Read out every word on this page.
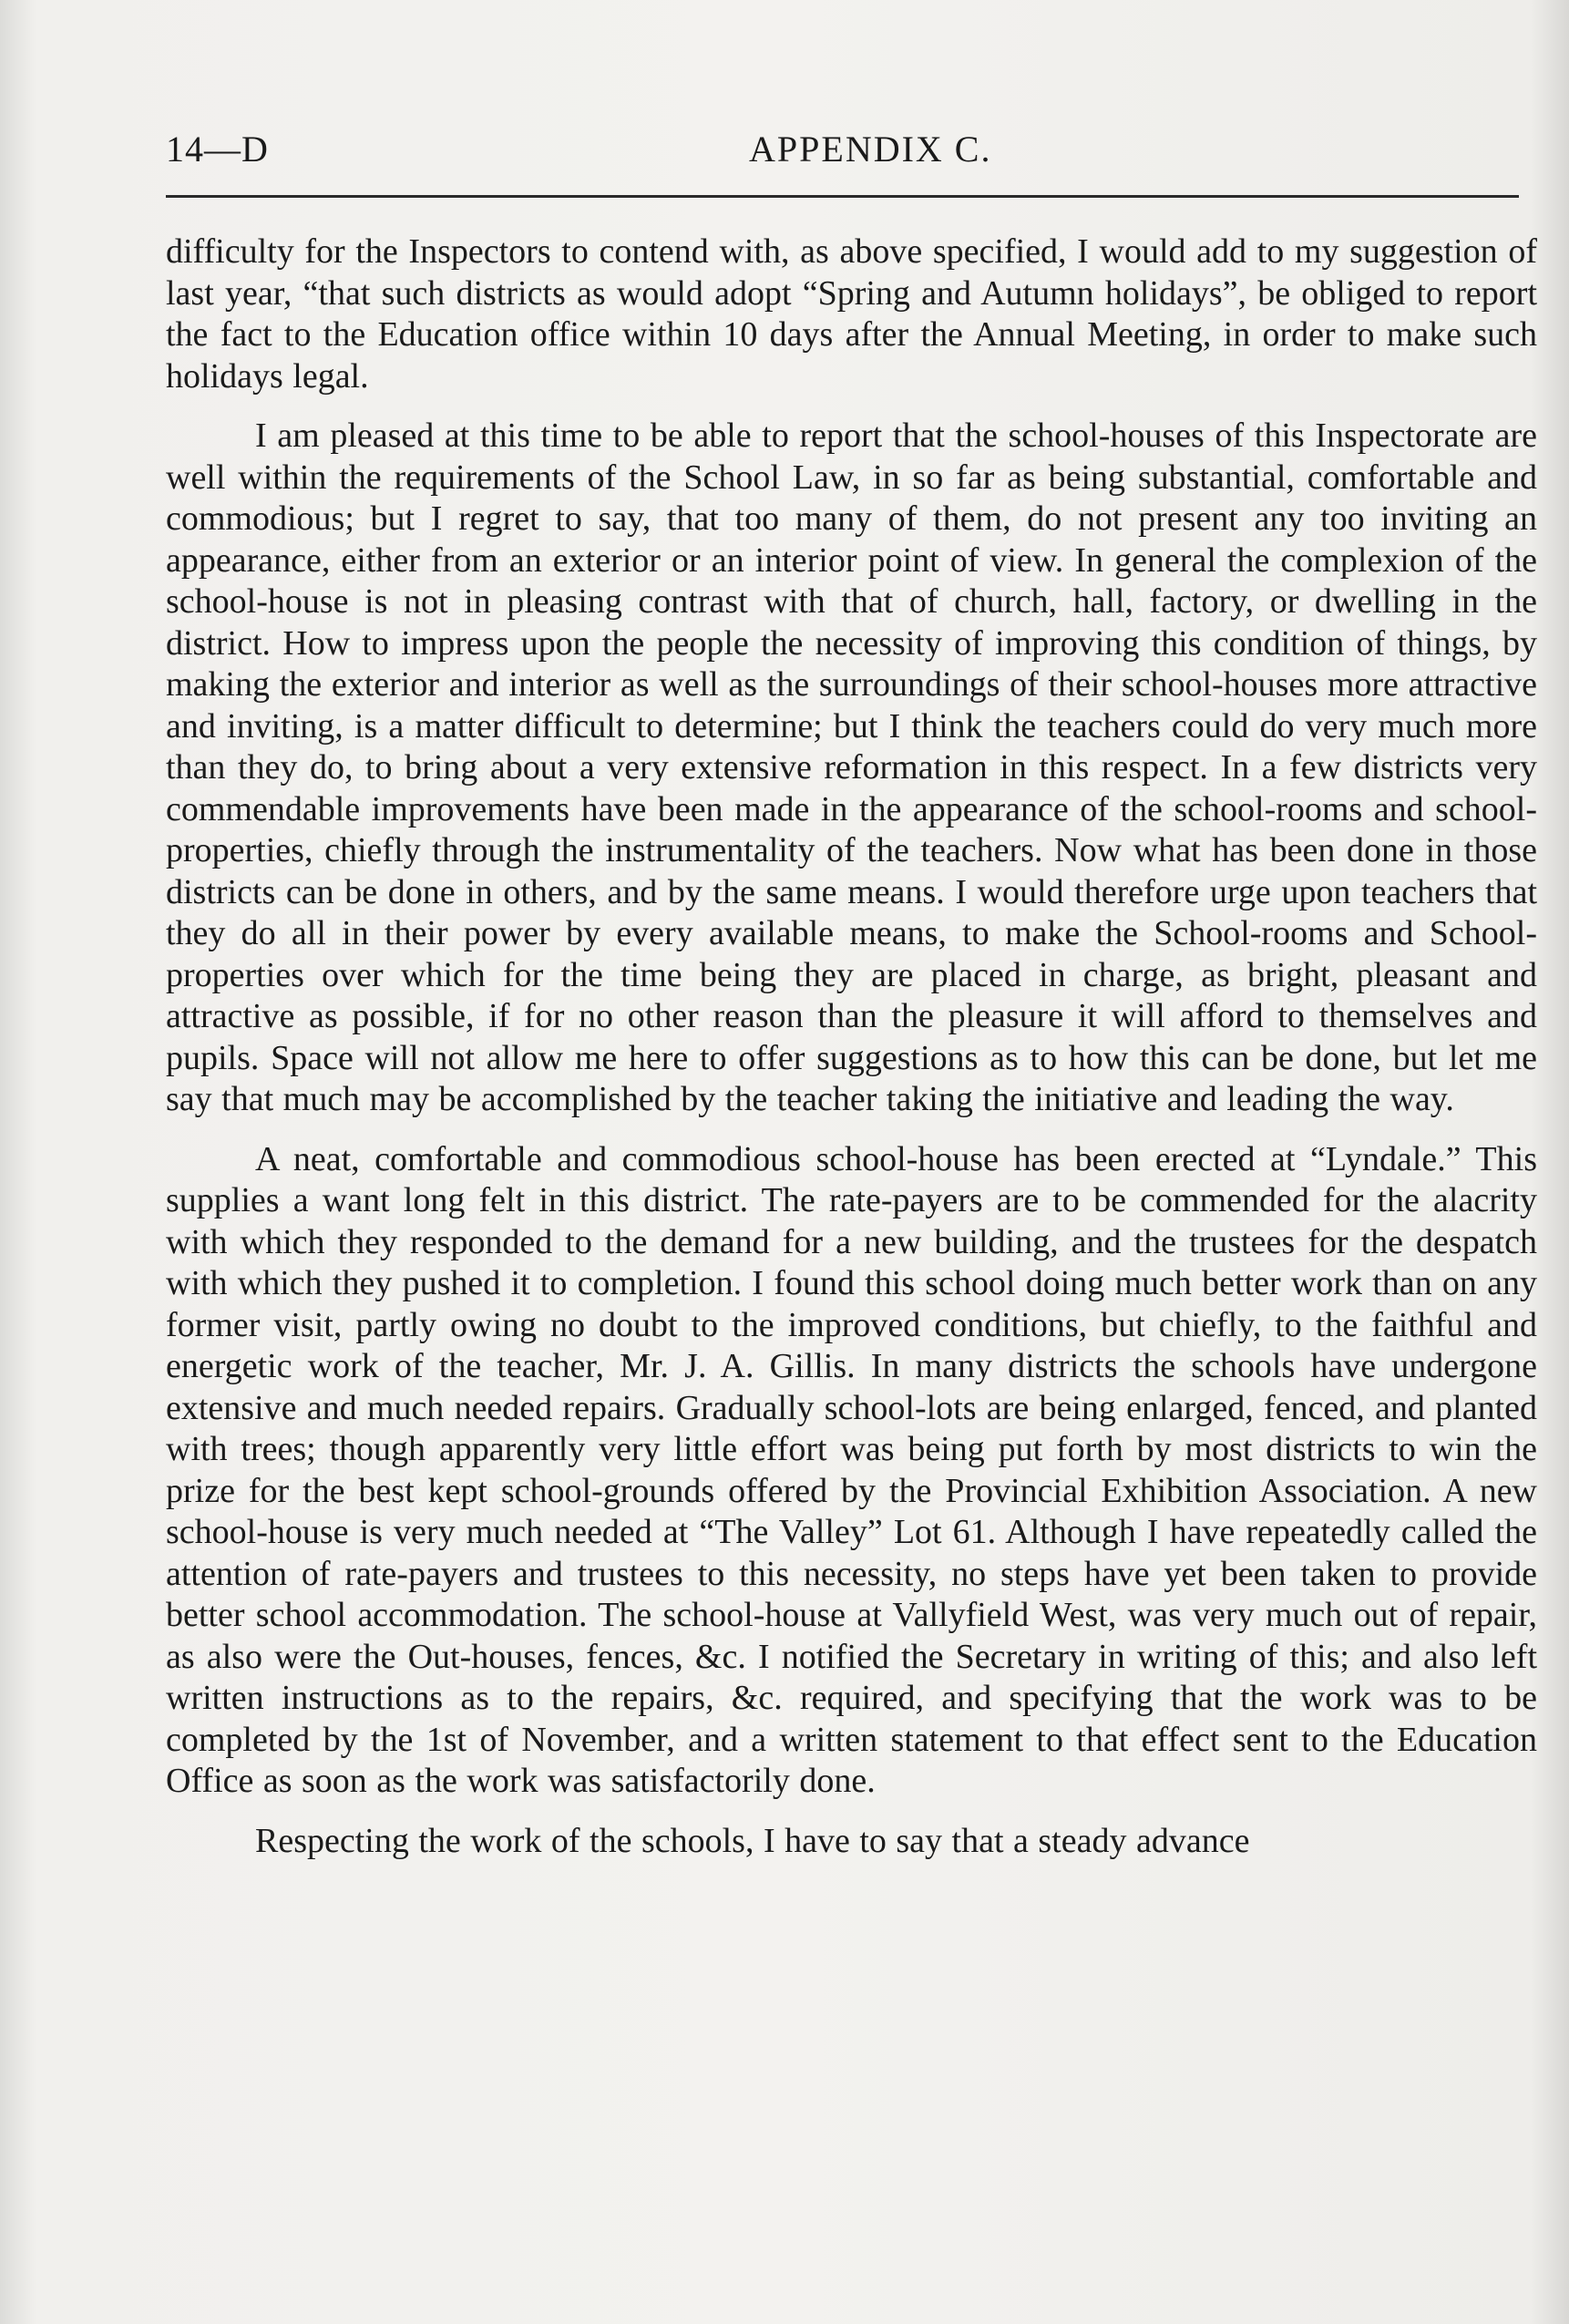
14—D	APPENDIX C.

difficulty for the Inspectors to contend with, as above specified, I would add to my suggestion of last year, “that such districts as would adopt “Spring and Autumn holidays”, be obliged to report the fact to the Education office within 10 days after the Annual Meeting, in order to make such holidays legal.

I am pleased at this time to be able to report that the school-houses of this Inspectorate are well within the requirements of the School Law, in so far as being substantial, comfortable and commodious; but I regret to say, that too many of them, do not present any too inviting an appearance, either from an exterior or an interior point of view. In general the complexion of the school-house is not in pleasing contrast with that of church, hall, factory, or dwelling in the district. How to impress upon the people the necessity of improving this condition of things, by making the exterior and interior as well as the surroundings of their school-houses more attractive and inviting, is a matter difficult to determine; but I think the teachers could do very much more than they do, to bring about a very extensive reformation in this respect. In a few districts very commendable improvements have been made in the appearance of the school-rooms and school-properties, chiefly through the instrumentality of the teachers. Now what has been done in those districts can be done in others, and by the same means. I would therefore urge upon teachers that they do all in their power by every available means, to make the School-rooms and School-properties over which for the time being they are placed in charge, as bright, pleasant and attractive as possible, if for no other reason than the pleasure it will afford to themselves and pupils. Space will not allow me here to offer suggestions as to how this can be done, but let me say that much may be accomplished by the teacher taking the initiative and leading the way.

A neat, comfortable and commodious school-house has been erected at “Lyndale.” This supplies a want long felt in this district. The rate-payers are to be commended for the alacrity with which they responded to the demand for a new building, and the trustees for the despatch with which they pushed it to completion. I found this school doing much better work than on any former visit, partly owing no doubt to the improved conditions, but chiefly, to the faithful and energetic work of the teacher, Mr. J. A. Gillis. In many districts the schools have undergone extensive and much needed repairs. Gradually school-lots are being enlarged, fenced, and planted with trees; though apparently very little effort was being put forth by most districts to win the prize for the best kept school-grounds offered by the Provincial Exhibition Association. A new school-house is very much needed at “The Valley” Lot 61. Although I have repeatedly called the attention of rate-payers and trustees to this necessity, no steps have yet been taken to provide better school accommodation. The school-house at Vallyfield West, was very much out of repair, as also were the Out-houses, fences, &c. I notified the Secretary in writing of this; and also left written instructions as to the repairs, &c. required, and specifying that the work was to be completed by the 1st of November, and a written statement to that effect sent to the Education Office as soon as the work was satisfactorily done.

Respecting the work of the schools, I have to say that a steady advance
